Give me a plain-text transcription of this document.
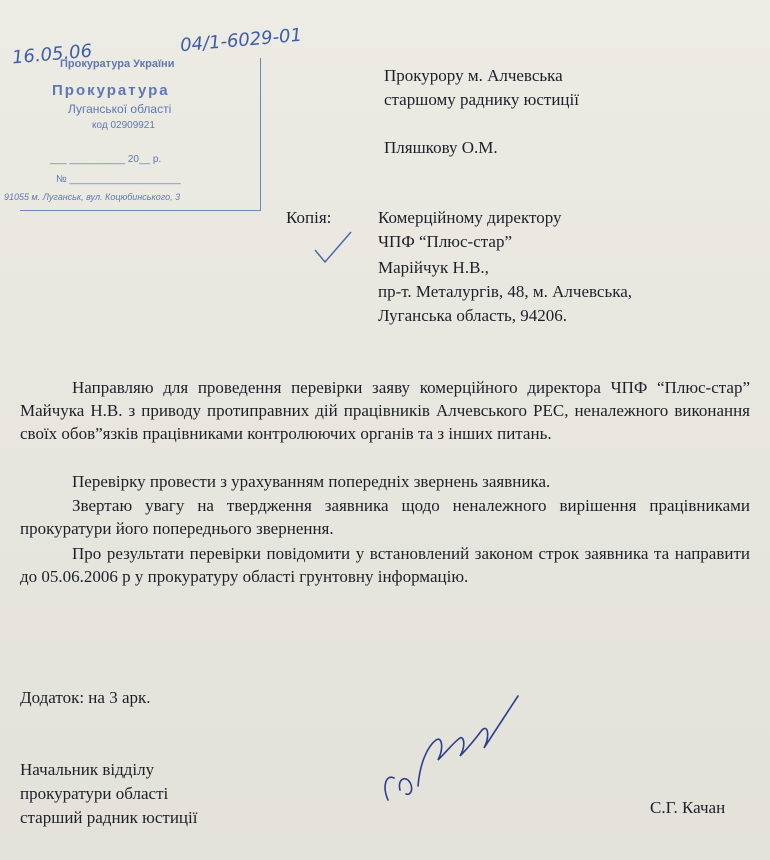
Прокуратура України
Прокуратура
Луганської області
код 02909921
___ __________ 20__ р.
№ ____________________
91055 м. Луганськ, вул. Коцюбинського, 3
16.05.06	04/1-6029-01
Прокурору м. Алчевська
старшому раднику юстиції
Пляшкову О.М.
Копія:	Комерційному директору
ЧПФ “Плюс-стар”
Марійчук Н.В.,
пр-т. Металургів, 48, м. Алчевська,
Луганська область, 94206.
Направляю для проведення перевірки заяву комерційного директора ЧПФ “Плюс-стар” Майчука Н.В. з приводу протиправних дій працівників Алчевського РЕС, неналежного виконання своїх обов”язків працівниками контролюючих органів та з інших питань.
Перевірку провести з урахуванням попередніх звернень заявника.
Звертаю увагу на твердження заявника щодо неналежного вирішення працівниками прокуратури його попереднього звернення.
Про результати перевірки повідомити у встановлений законом строк заявника та направити до 05.06.2006 р у прокуратуру області грунтовну інформацію.
Додаток: на 3 арк.
Начальник відділу
прокуратури області
старший радник юстиції
С.Г. Качан
